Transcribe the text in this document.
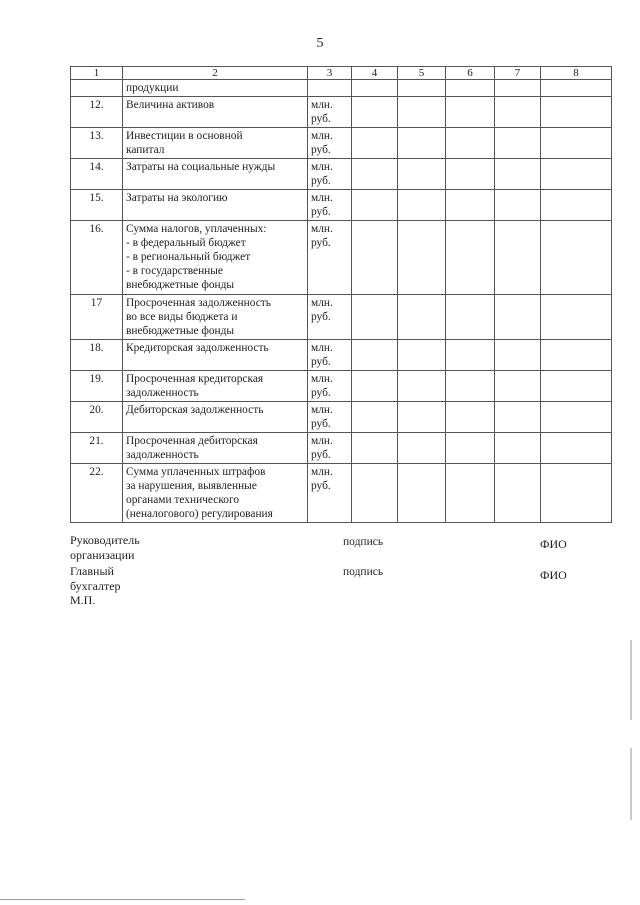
5
1	2	3	4	5	6	7	8
	продукции						
12.	Величина активов	млн.
руб.					

13.	Инвестиции в основной
капитал	млн.
руб.					

14.	Затраты на социальные нужды	млн.
руб.					

15.	Затраты на экологию	млн.
руб.					

16.	Сумма налогов, уплаченных:
- в федеральный бюджет
- в региональный бюджет
- в государственные
внебюджетные фонды	млн.
руб.					

17	Просроченная задолженность
во все виды бюджета и
внебюджетные фонды	млн.
руб.					

18.	Кредиторская задолженность	млн.
руб.					

19.	Просроченная кредиторская
задолженность	млн.
руб.					

20.	Дебиторская задолженность	млн.
руб.					

21.	Просроченная дебиторская
задолженность	млн.
руб.					

22.	Сумма уплаченных штрафов
за нарушения, выявленные
органами технического
(неналогового) регулирования	млн.
руб.					

Руководитель организации
подпись	ФИО
Главный бухгалтер
подпись	ФИО
М.П.
